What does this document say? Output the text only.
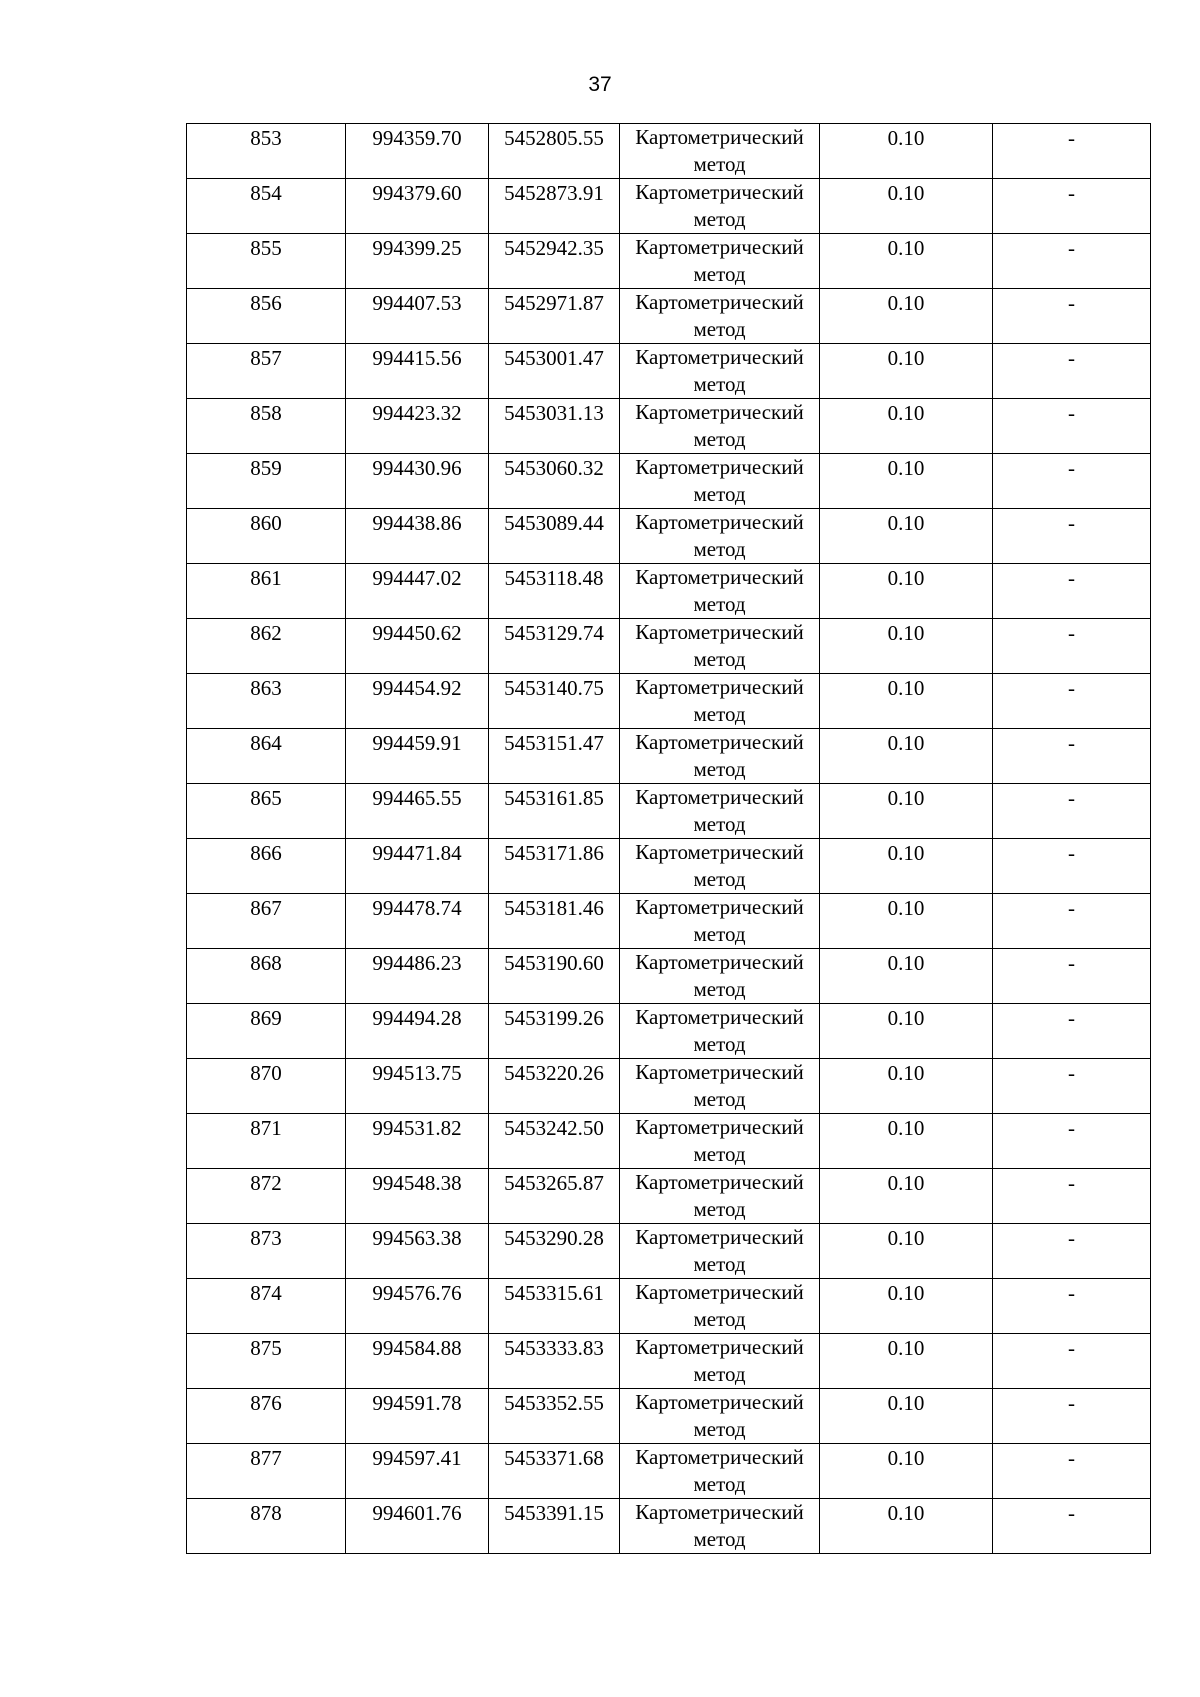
37
853	994359.70	5452805.55	Картометрический метод	0.10	-
854	994379.60	5452873.91	Картометрический метод	0.10	-
855	994399.25	5452942.35	Картометрический метод	0.10	-
856	994407.53	5452971.87	Картометрический метод	0.10	-
857	994415.56	5453001.47	Картометрический метод	0.10	-
858	994423.32	5453031.13	Картометрический метод	0.10	-
859	994430.96	5453060.32	Картометрический метод	0.10	-
860	994438.86	5453089.44	Картометрический метод	0.10	-
861	994447.02	5453118.48	Картометрический метод	0.10	-
862	994450.62	5453129.74	Картометрический метод	0.10	-
863	994454.92	5453140.75	Картометрический метод	0.10	-
864	994459.91	5453151.47	Картометрический метод	0.10	-
865	994465.55	5453161.85	Картометрический метод	0.10	-
866	994471.84	5453171.86	Картометрический метод	0.10	-
867	994478.74	5453181.46	Картометрический метод	0.10	-
868	994486.23	5453190.60	Картометрический метод	0.10	-
869	994494.28	5453199.26	Картометрический метод	0.10	-
870	994513.75	5453220.26	Картометрический метод	0.10	-
871	994531.82	5453242.50	Картометрический метод	0.10	-
872	994548.38	5453265.87	Картометрический метод	0.10	-
873	994563.38	5453290.28	Картометрический метод	0.10	-
874	994576.76	5453315.61	Картометрический метод	0.10	-
875	994584.88	5453333.83	Картометрический метод	0.10	-
876	994591.78	5453352.55	Картометрический метод	0.10	-
877	994597.41	5453371.68	Картометрический метод	0.10	-
878	994601.76	5453391.15	Картометрический метод	0.10	-
